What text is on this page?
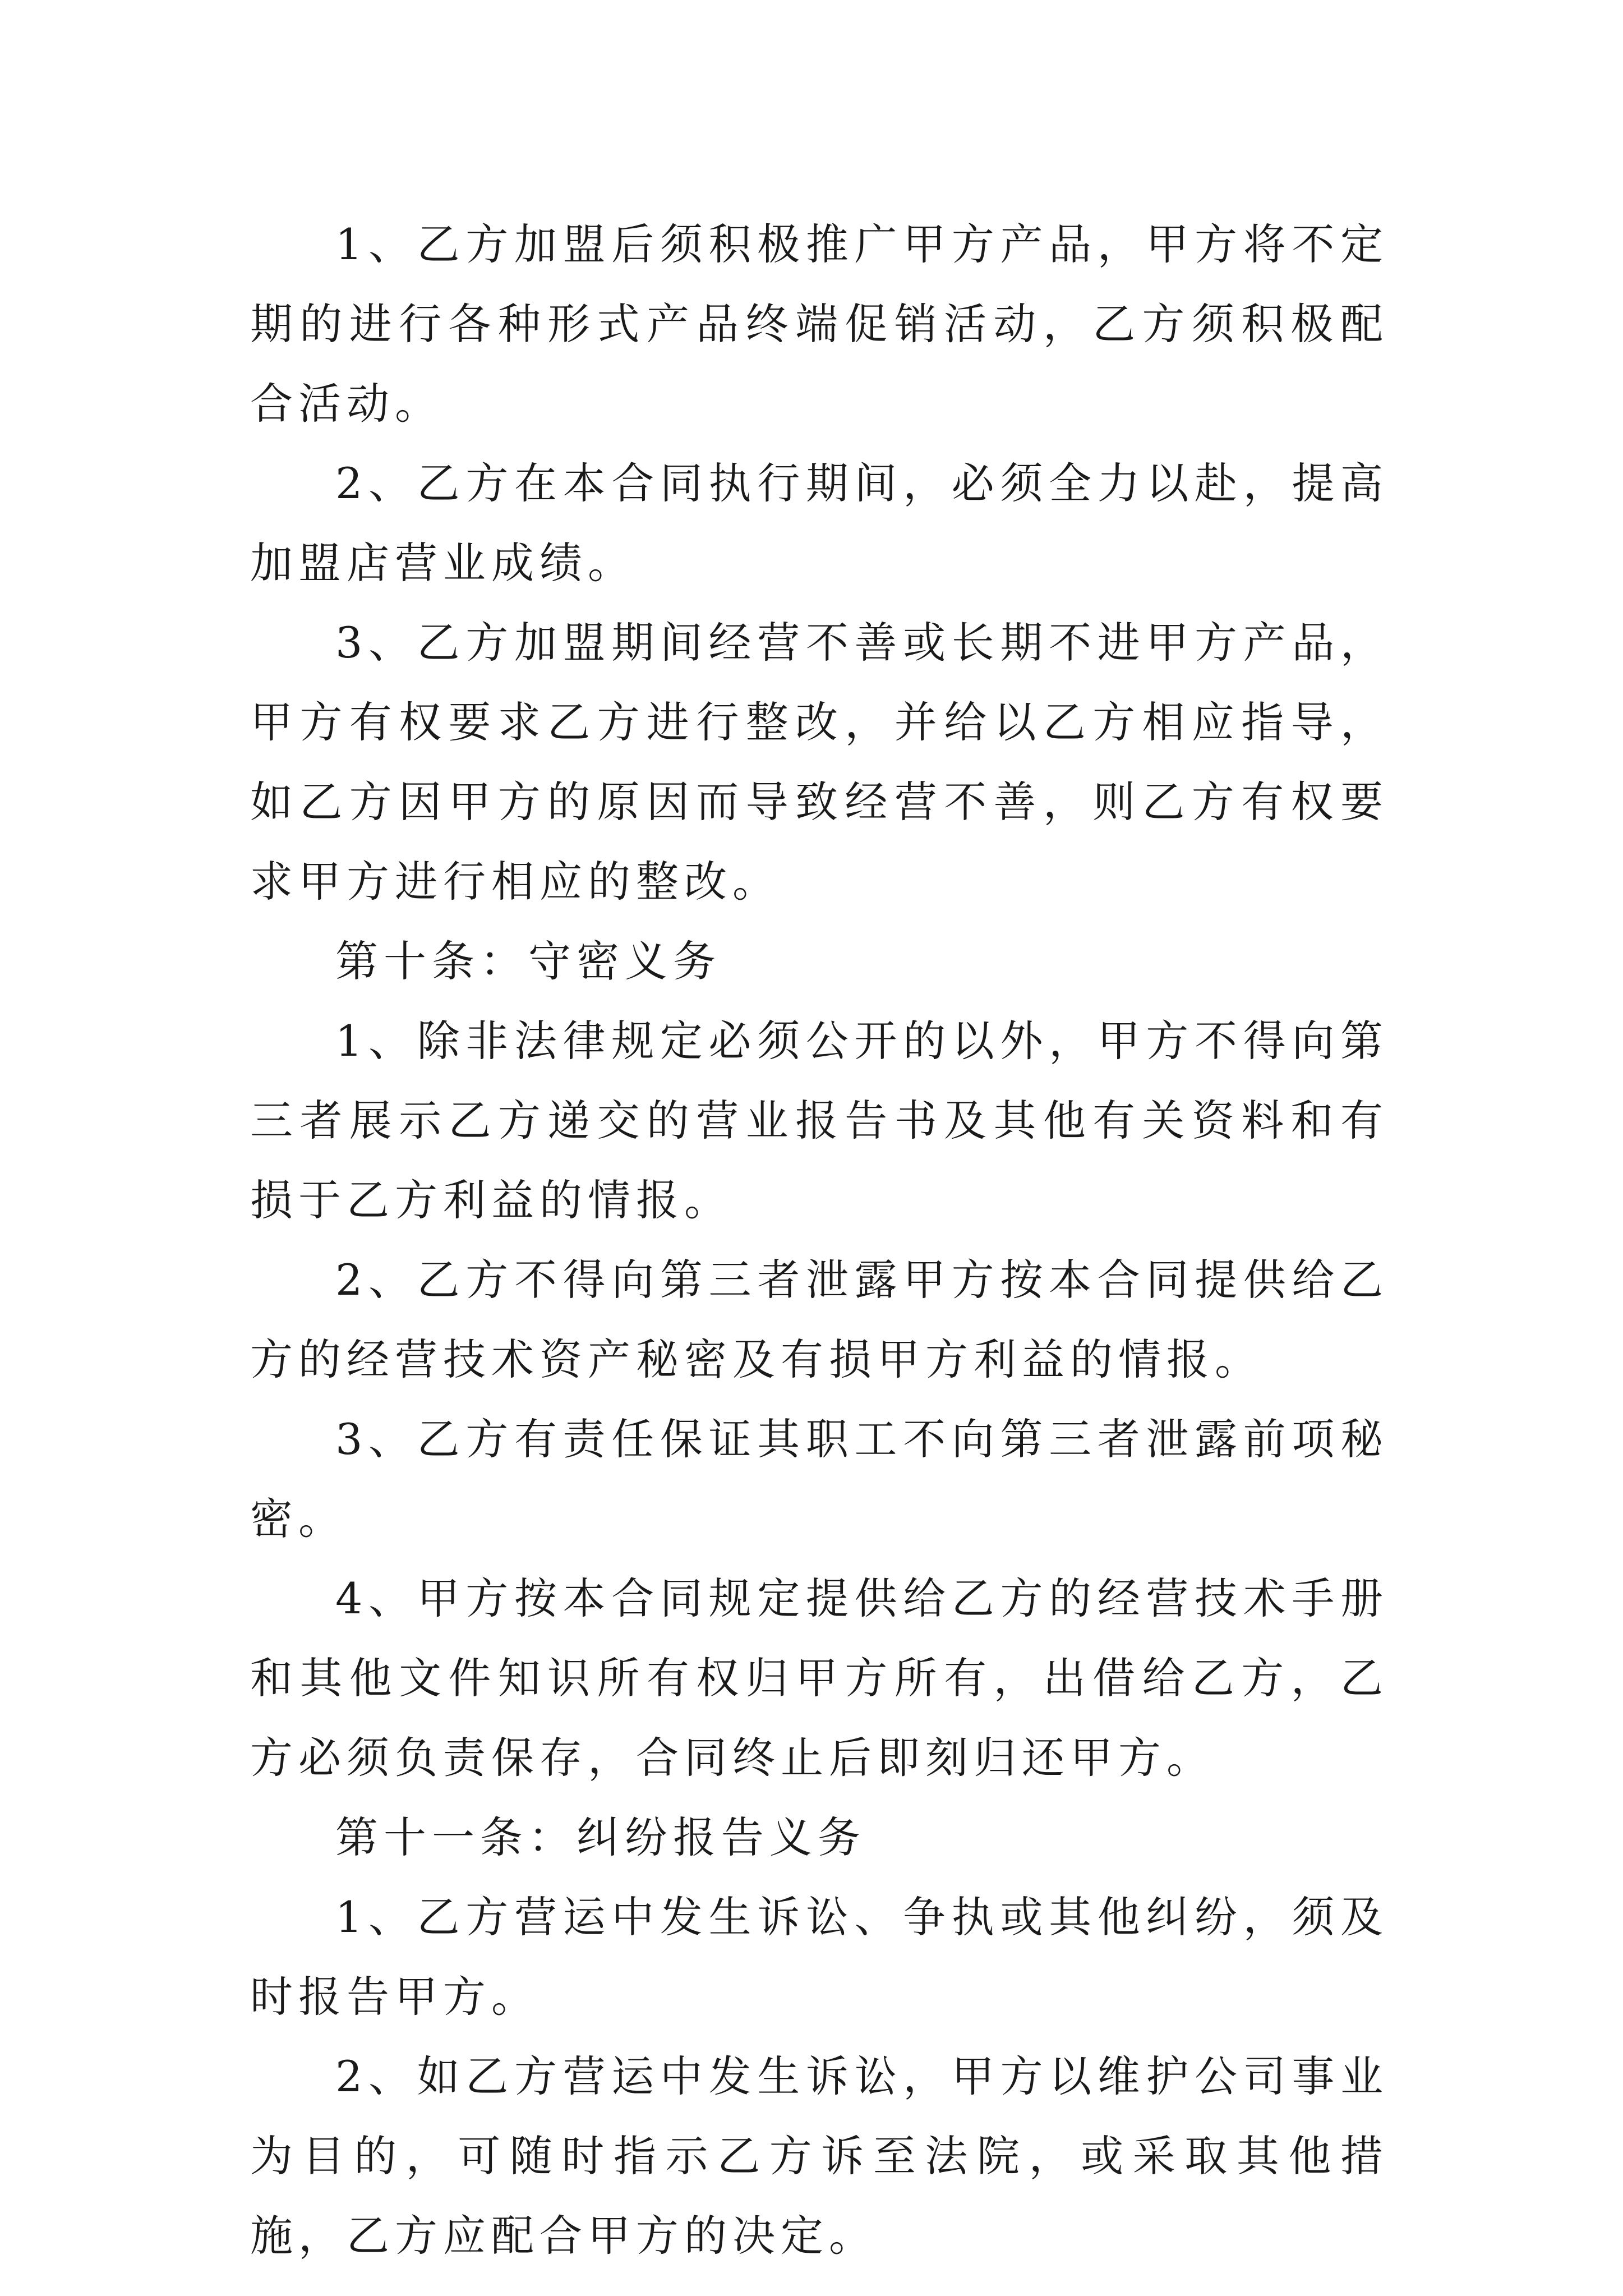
1、乙方加盟后须积极推广甲方产品，甲方将不定期的进行各种形式产品终端促销活动，乙方须积极配合活动。

2、乙方在本合同执行期间，必须全力以赴，提高加盟店营业成绩。

3、乙方加盟期间经营不善或长期不进甲方产品，甲方有权要求乙方进行整改，并给以乙方相应指导，如乙方因甲方的原因而导致经营不善，则乙方有权要求甲方进行相应的整改。

第十条：守密义务

1、除非法律规定必须公开的以外，甲方不得向第三者展示乙方递交的营业报告书及其他有关资料和有损于乙方利益的情报。

2、乙方不得向第三者泄露甲方按本合同提供给乙方的经营技术资产秘密及有损甲方利益的情报。

3、乙方有责任保证其职工不向第三者泄露前项秘密。

4、甲方按本合同规定提供给乙方的经营技术手册和其他文件知识所有权归甲方所有，出借给乙方，乙方必须负责保存，合同终止后即刻归还甲方。

第十一条：纠纷报告义务

1、乙方营运中发生诉讼、争执或其他纠纷，须及时报告甲方。

2、如乙方营运中发生诉讼，甲方以维护公司事业为目的，可随时指示乙方诉至法院，或采取其他措施，乙方应配合甲方的决定。
